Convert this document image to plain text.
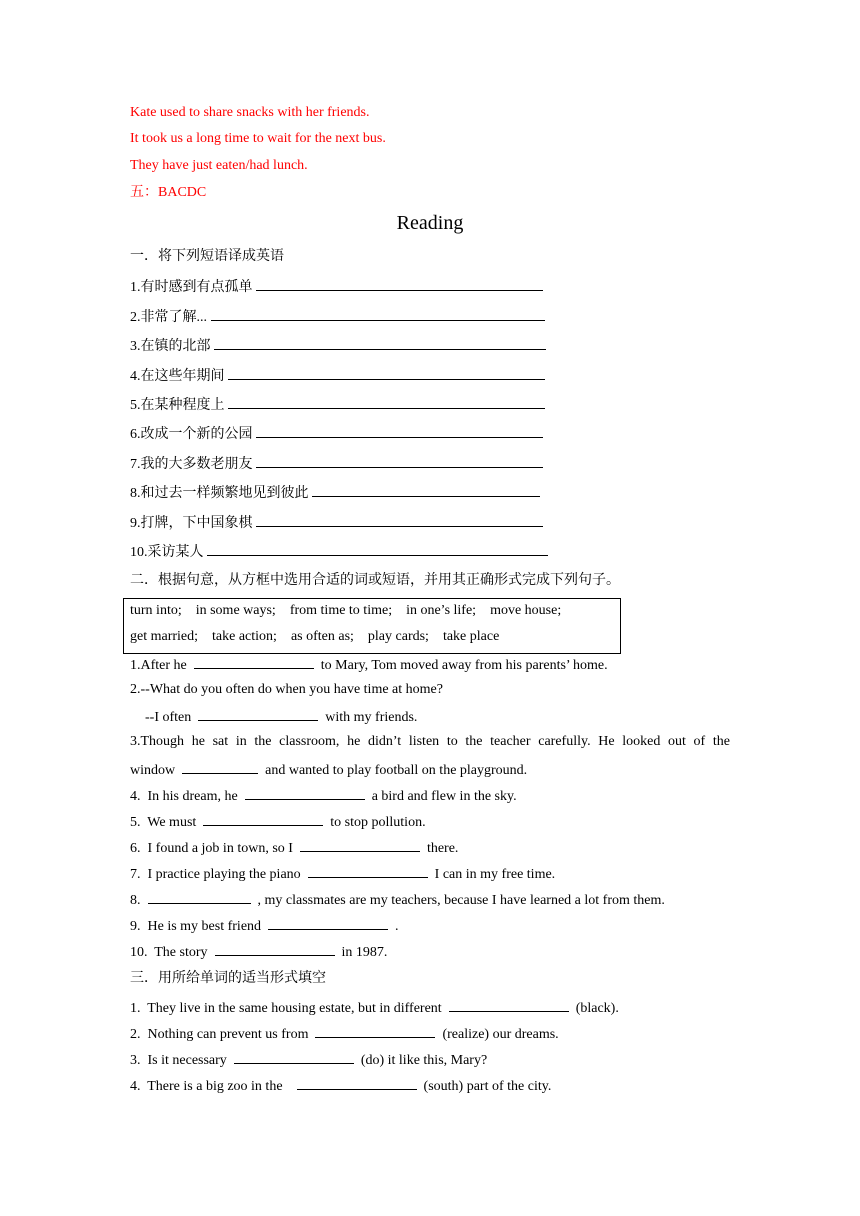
Kate used to share snacks with her friends.
It took us a long time to wait for the next bus.
They have just eaten/had lunch.
五：BACDC
Reading
一．将下列短语译成英语
1.有时感到有点孤单
2.非常了解...
3.在镇的北部
4.在这些年期间
5.在某种程度上
6.改成一个新的公园
7.我的大多数老朋友
8.和过去一样频繁地见到彼此
9.打牌，下中国象棋
10.采访某人
二．根据句意，从方框中选用合适的词或短语，并用其正确形式完成下列句子。
turn into;    in some ways;    from time to time;    in one’s life;    move house;
get married;    take action;    as often as;    play cards;    take place
1.After he	to Mary, Tom moved away from his parents’ home.
2.--What do you often do when you have time at home?
--I often	with my friends.
3.Though he sat in the classroom, he didn’t listen to the teacher carefully. He looked out of the
window	and wanted to play football on the playground.
4.  In his dream, he	a bird and flew in the sky.
5.  We must	to stop pollution.
6.  I found a job in town, so I	there.
7.  I practice playing the piano	I can in my free time.
8.	, my classmates are my teachers, because I have learned a lot from them.
9.  He is my best friend	.
10.  The story	in 1987.
三．用所给单词的适当形式填空
1.  They live in the same housing estate, but in different	(black).
2.  Nothing can prevent us from	(realize) our dreams.
3.  Is it necessary	(do) it like this, Mary?
4.  There is a big zoo in the	(south) part of the city.
